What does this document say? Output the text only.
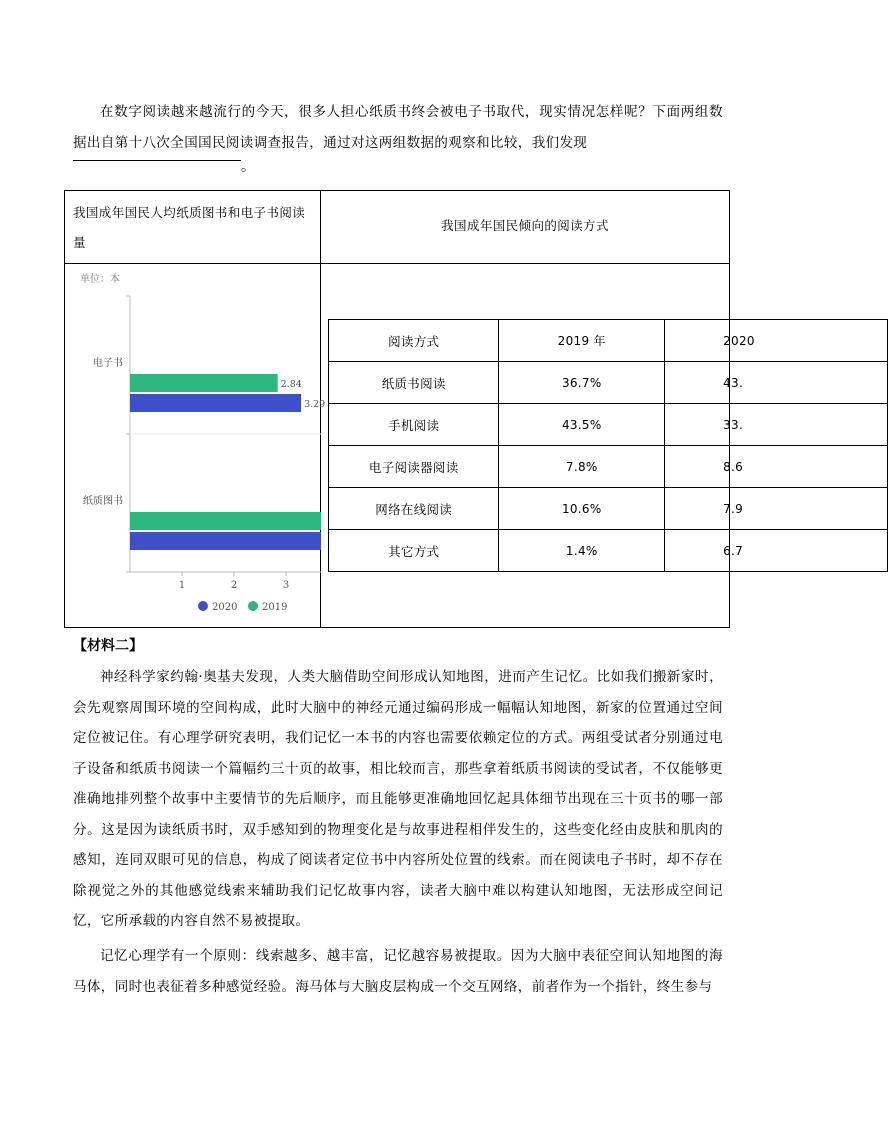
在数字阅读越来越流行的今天，很多人担心纸质书终会被电子书取代，现实情况怎样呢？下面两组数据出自第十八次全国国民阅读调查报告，通过对这两组数据的观察和比较，我们发现

。
我国成年国民人均纸质图书和电子书阅读量
我国成年国民倾向的阅读方式
单位：本
电子书
2.84
3.29
纸质图书
1	2	3
2020 2019
阅读方式	2019 年	2020
纸质书阅读	36.7%	43.
手机阅读	43.5%	33.
电子阅读器阅读	7.8%	8.6
网络在线阅读	10.6%	7.9
其它方式	1.4%	6.7
【材料二】

神经科学家约翰·奥基夫发现，人类大脑借助空间形成认知地图，进而产生记忆。比如我们搬新家时，会先观察周围环境的空间构成，此时大脑中的神经元通过编码形成一幅幅认知地图，新家的位置通过空间定位被记住。有心理学研究表明，我们记忆一本书的内容也需要依赖定位的方式。两组受试者分别通过电子设备和纸质书阅读一个篇幅约三十页的故事，相比较而言，那些拿着纸质书阅读的受试者，不仅能够更准确地排列整个故事中主要情节的先后顺序，而且能够更准确地回忆起具体细节出现在三十页书的哪一部分。这是因为读纸质书时，双手感知到的物理变化是与故事进程相伴发生的，这些变化经由皮肤和肌肉的感知，连同双眼可见的信息，构成了阅读者定位书中内容所处位置的线索。而在阅读电子书时，却不存在除视觉之外的其他感觉线索来辅助我们记忆故事内容，读者大脑中难以构建认知地图，无法形成空间记忆，它所承载的内容自然不易被提取。

记忆心理学有一个原则：线索越多、越丰富，记忆越容易被提取。因为大脑中表征空间认知地图的海马体，同时也表征着多种感觉经验。海马体与大脑皮层构成一个交互网络，前者作为一个指针，终生参与
